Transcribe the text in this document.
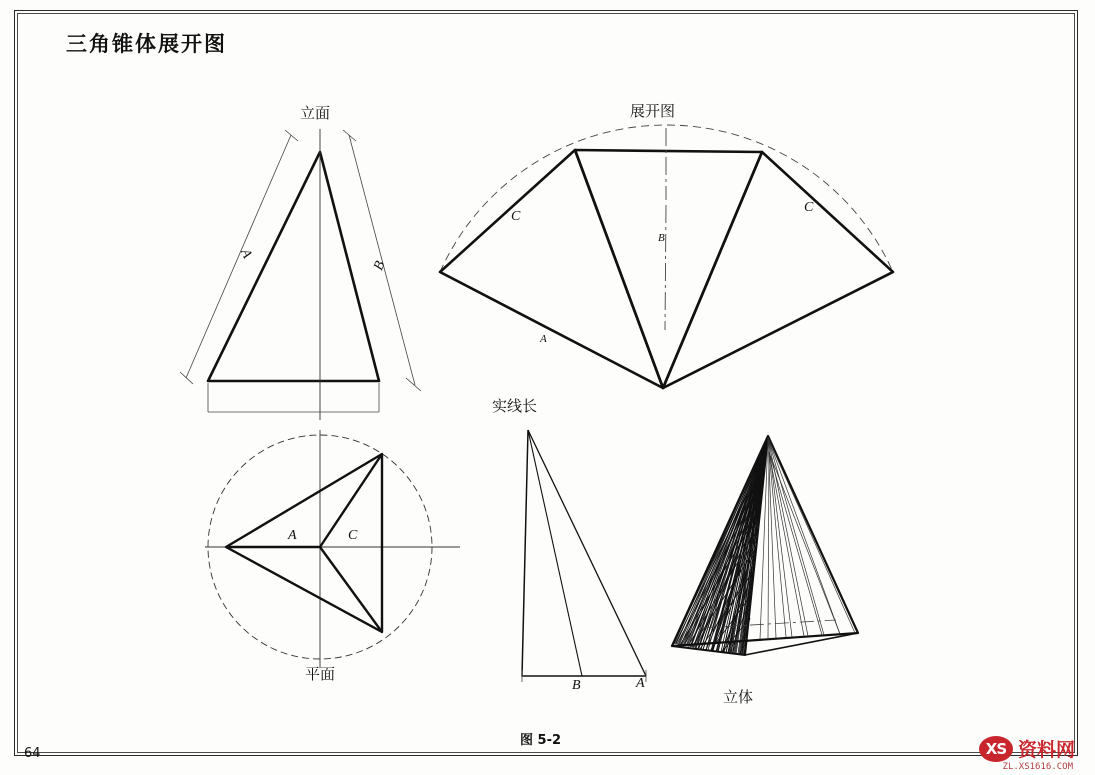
三角锥体展开图
立面
A
B
平面
A	C
展开图
C
B
C
A
实线长
B	A
立体
图 5-2
64	XS 资料网
ZL.XS1616.COM
